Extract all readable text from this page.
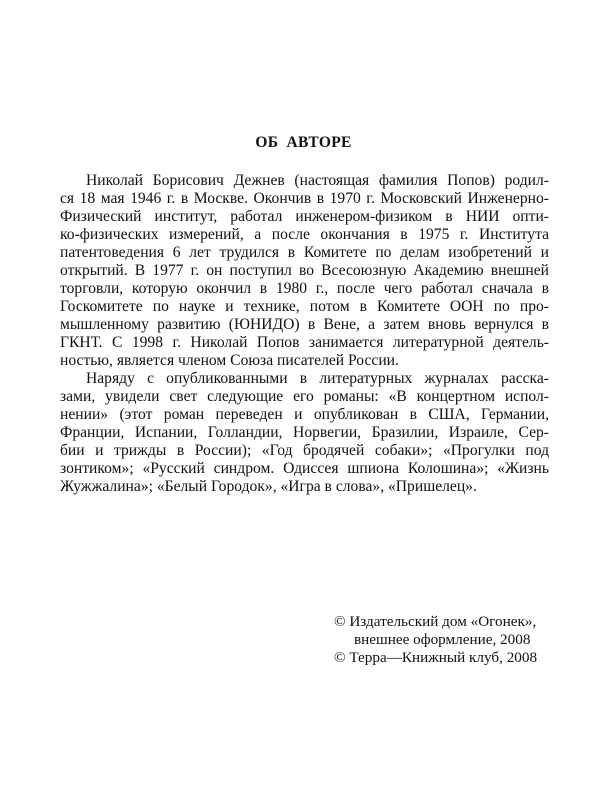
ОБ АВТОРЕ
Николай Борисович Дежнев (настоящая фамилия Попов) родил-
ся 18 мая 1946 г. в Москве. Окончив в 1970 г. Московский Инженерно-
Физический институт, работал инженером-физиком в НИИ опти-
ко-физических измерений, а после окончания в 1975 г. Института
патентоведения 6 лет трудился в Комитете по делам изобретений и
открытий. В 1977 г. он поступил во Всесоюзную Академию внешней
торговли, которую окончил в 1980 г., после чего работал сначала в
Госкомитете по науке и технике, потом в Комитете ООН по про-
мышленному развитию (ЮНИДО) в Вене, а затем вновь вернулся в
ГКНТ. С 1998 г. Николай Попов занимается литературной деятель-
ностью, является членом Союза писателей России.
Наряду с опубликованными в литературных журналах расска-
зами, увидели свет следующие его романы: «В концертном испол-
нении» (этот роман переведен и опубликован в США, Германии,
Франции, Испании, Голландии, Норвегии, Бразилии, Израиле, Сер-
бии и трижды в России); «Год бродячей собаки»; «Прогулки под
зонтиком»; «Русский синдром. Одиссея шпиона Колошина»; «Жизнь
Жужжалина»; «Белый Городок», «Игра в слова», «Пришелец».
© Издательский дом «Огонек»,
внешнее оформление, 2008
© Терра—Книжный клуб, 2008
